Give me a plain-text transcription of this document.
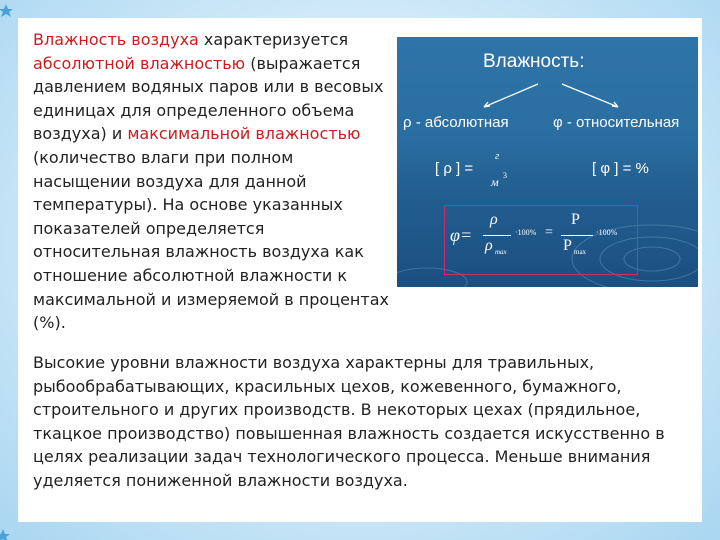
Влажность воздуха характеризуется абсолютной влажностью (выражается давлением водяных паров или в весовых единицах для определенного объема воздуха) и максимальной влажностью (количество влаги при полном насыщении воздуха для данной температуры). На основе указанных показателей определяется относительная влажность воздуха как отношение абсолютной влажности к максимальной и измеряемой в процентах (%).
Влажность:
ρ - абсолютная	φ - относительная
[ ρ ] =
г
м 3	[ φ ] = %
φ=
ρ
ρ max
·100% =
P
P max
·100%
Высокие уровни влажности воздуха характерны для травильных, рыбообрабатывающих, красильных цехов, кожевенного, бумажного, строительного и других производств. В некоторых цехах (прядильное, ткацкое производство) повышенная влажность создается искусственно в целях реализации задач технологического процесса. Меньше внимания уделяется пониженной влажности воздуха.
